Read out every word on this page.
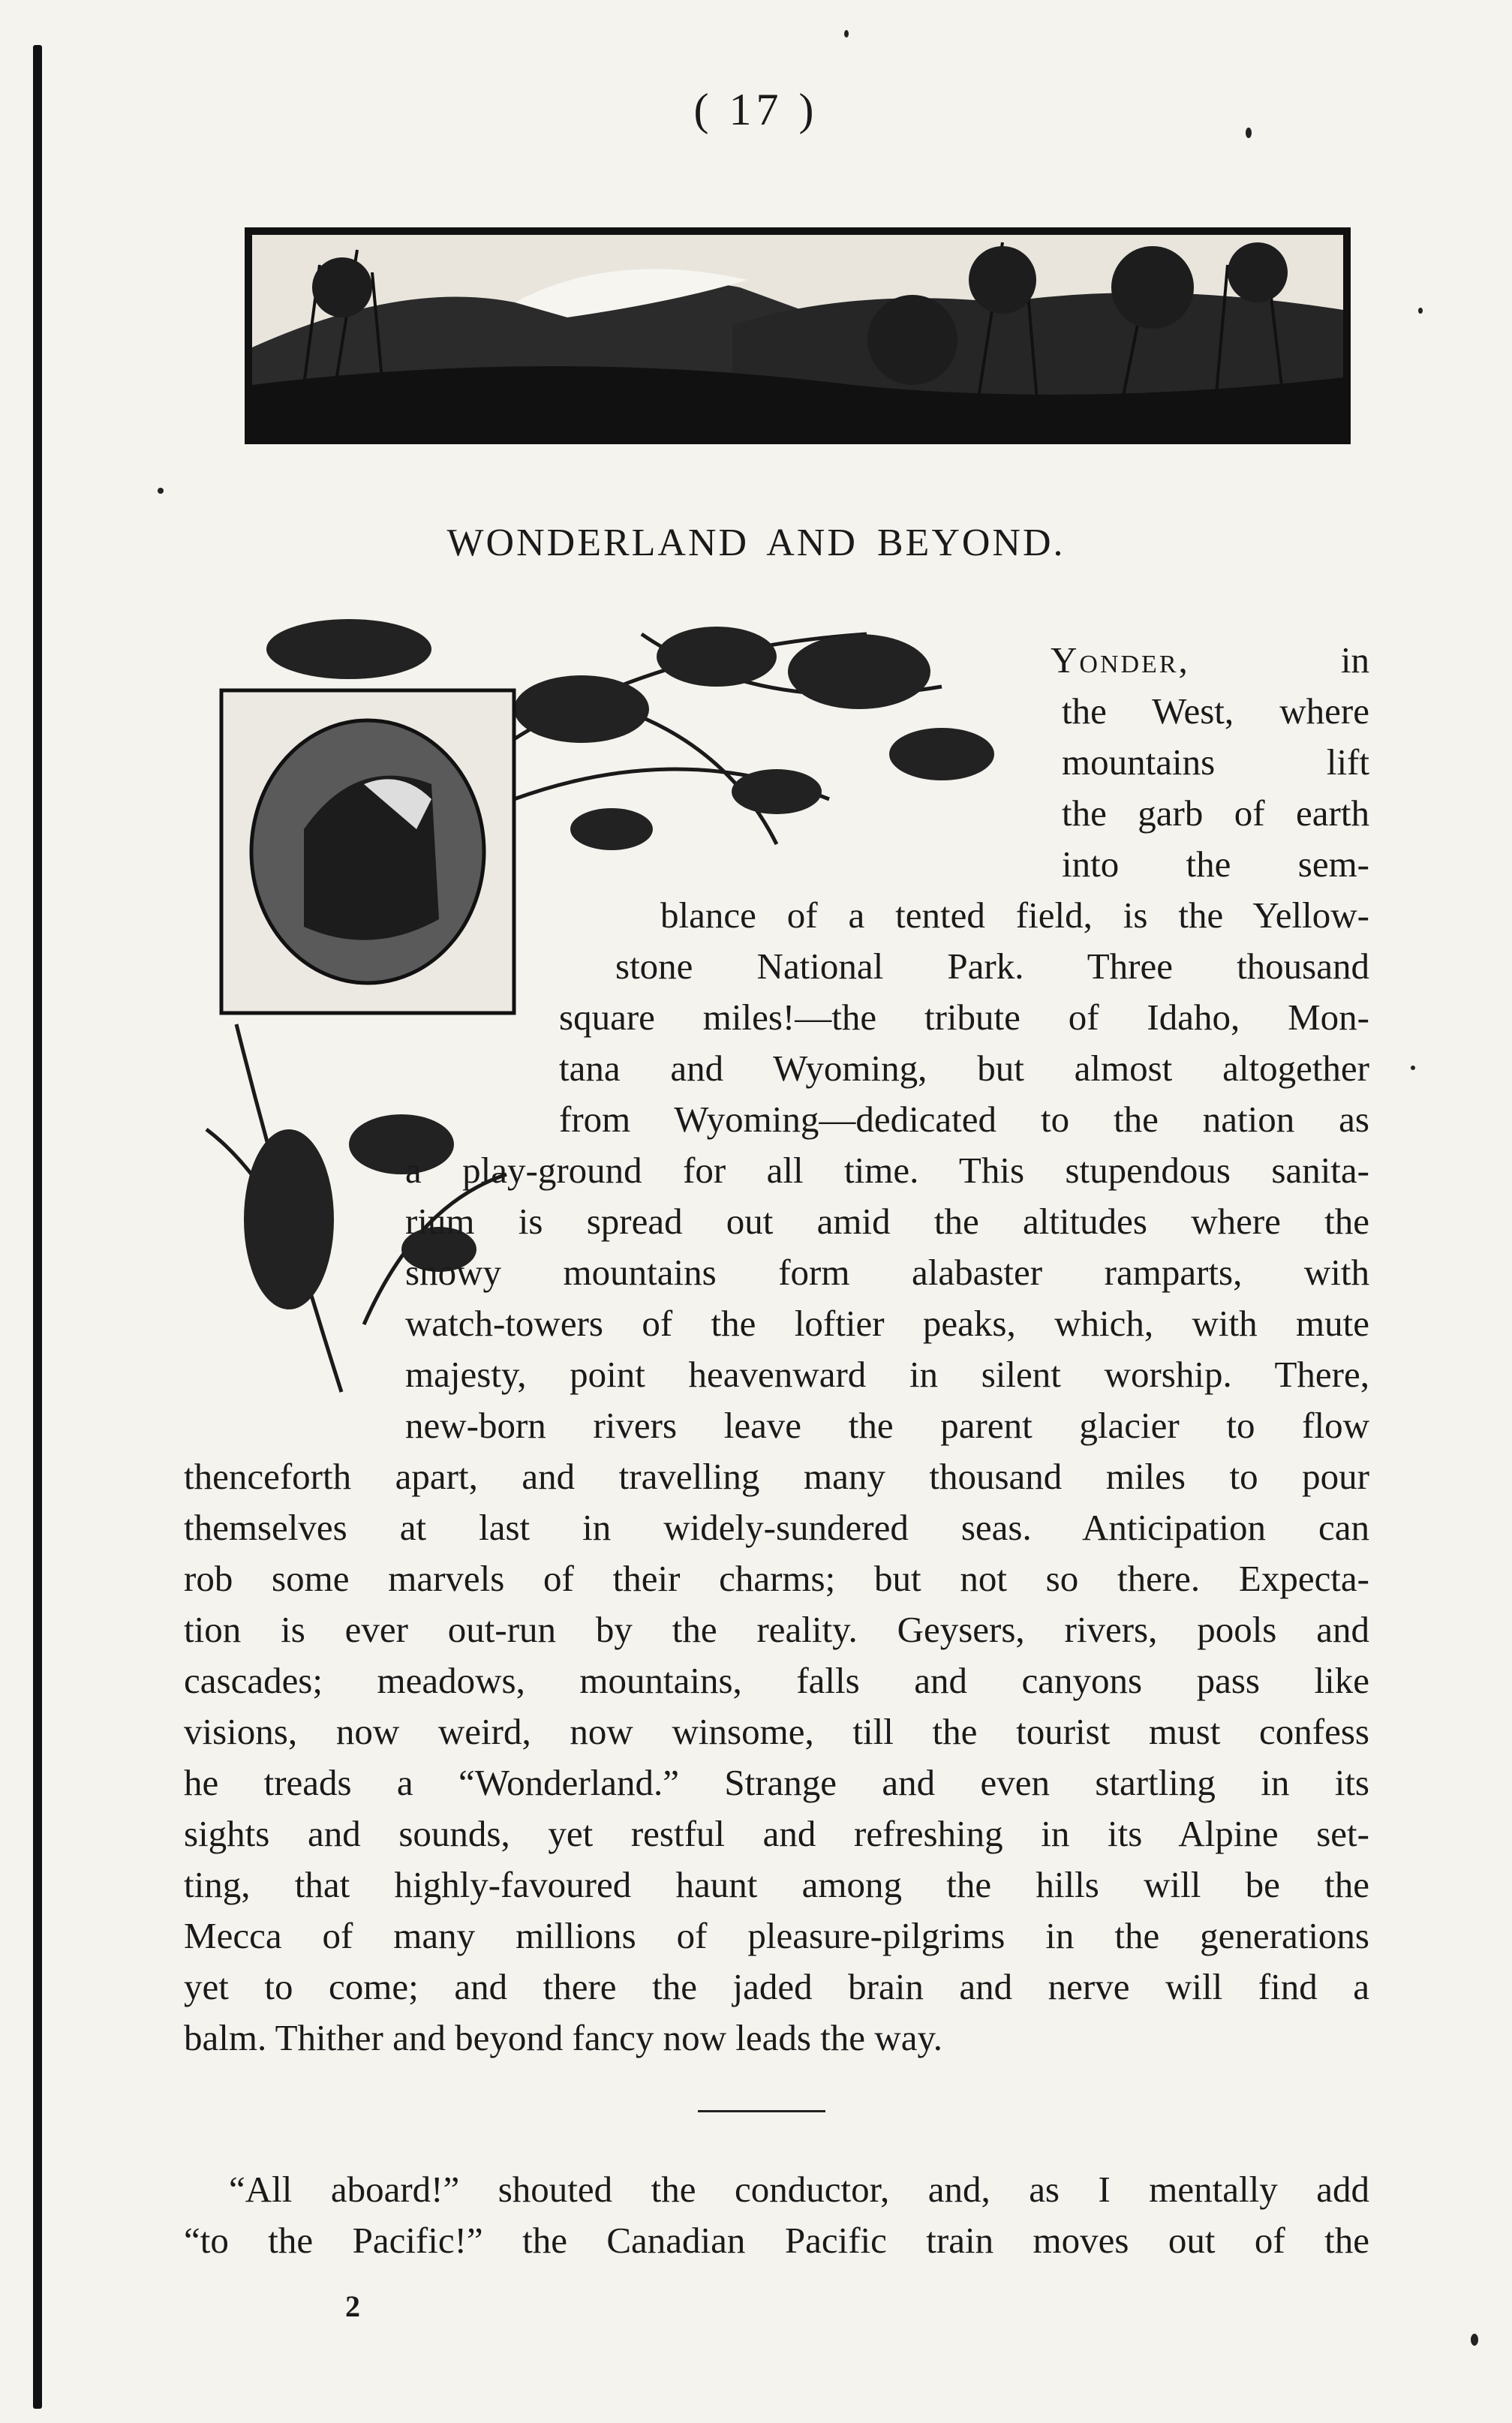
( 17 )
WONDERLAND AND BEYOND.
Yonder,	in
the West, where
mountains lift
the garb of earth
into the sem-
blance of a tented field, is the Yellow-
stone National Park. Three thousand
square miles!—the tribute of Idaho, Mon-
tana and Wyoming, but almost altogether
from Wyoming—dedicated to the nation as
a play-ground for all time. This stupendous sanita-
rium is spread out amid the altitudes where the
snowy mountains form alabaster ramparts, with
watch-towers of the loftier peaks, which, with mute
majesty, point heavenward in silent worship. There,
new-born rivers leave the parent glacier to flow
thenceforth apart, and travelling many thousand miles to pour
themselves at last in widely-sundered seas. Anticipation can
rob some marvels of their charms; but not so there. Expecta-
tion is ever out-run by the reality. Geysers, rivers, pools and
cascades; meadows, mountains, falls and canyons pass like
visions, now weird, now winsome, till the tourist must confess
he treads a “Wonderland.” Strange and even startling in its
sights and sounds, yet restful and refreshing in its Alpine set-
ting, that highly-favoured haunt among the hills will be the
Mecca of many millions of pleasure-pilgrims in the generations
yet to come; and there the jaded brain and nerve will find a
balm. Thither and beyond fancy now leads the way.
“All aboard!” shouted the conductor, and, as I mentally add
“to the Pacific!” the Canadian Pacific train moves out of the
2
